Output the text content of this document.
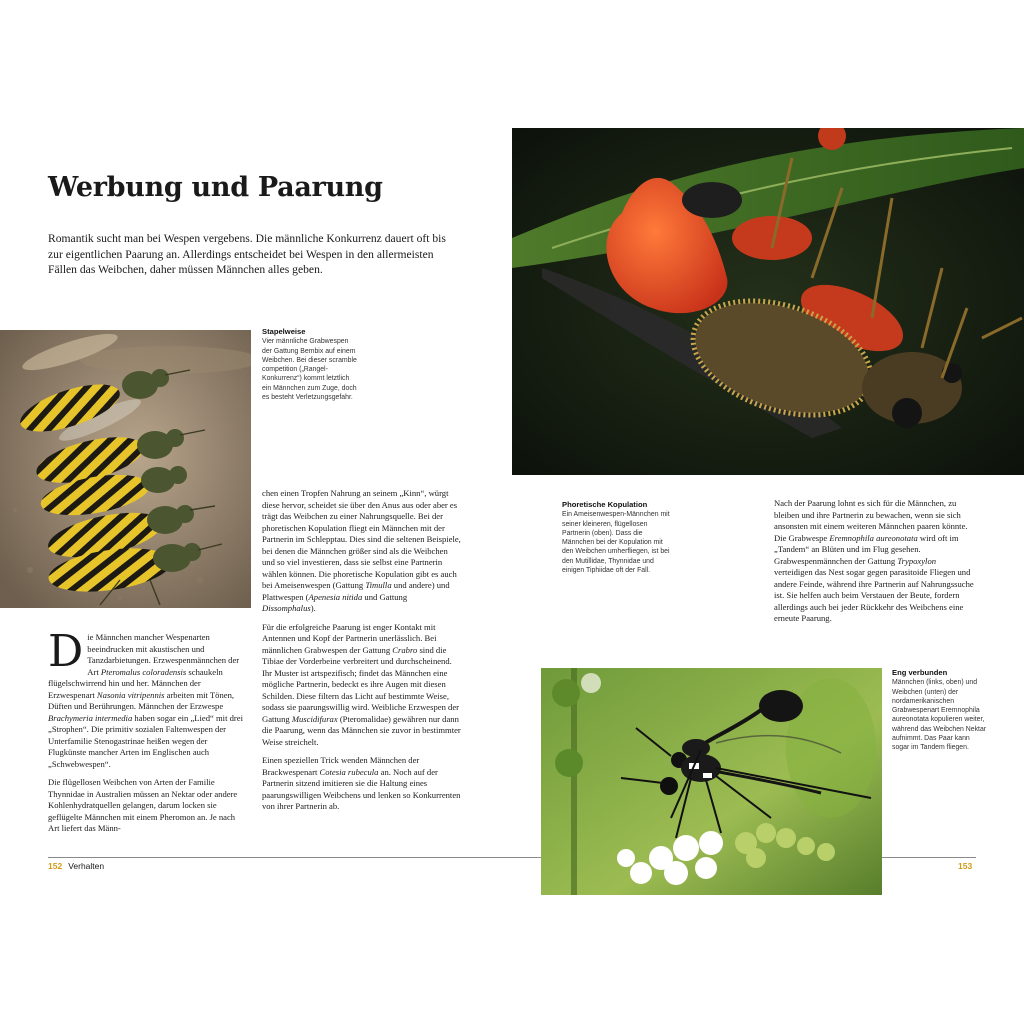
Werbung und Paarung
Romantik sucht man bei Wespen vergebens. Die männliche Konkurrenz dauert oft bis zur eigentlichen Paarung an. Allerdings entscheidet bei Wespen in den allermeisten Fällen das Weibchen, daher müssen Männchen alles geben.
Stapelweise
Vier männliche Grabwespen der Gattung Bembix auf einem Weibchen. Bei dieser scramble competition („Rangel-Konkurrenz“) kommt letztlich ein Männchen zum Zuge, doch es besteht Verletzungsgefahr.

Die Männchen mancher Wespenarten beeindrucken mit akustischen und Tanzdarbietungen. Erzwespenmännchen der Art Pteromalus coloradensis schaukeln flügelschwirrend hin und her. Männchen der Erzwespenart Nasonia vitripennis arbeiten mit Tönen, Düften und Berührungen. Männchen der Erzwespe Brachymeria intermedia haben sogar ein „Lied“ mit drei „Strophen“. Die primitiv sozialen Faltenwespen der Unterfamilie Stenogastrinae heißen wegen der Flugkünste mancher Arten im Englischen auch „Schwebwespen“.

Die flügellosen Weibchen von Arten der Familie Thynnidae in Australien müssen an Nektar oder andere Kohlenhydratquellen gelangen, darum locken sie geflügelte Männchen mit einem Pheromon an. Je nach Art liefert das Männ-

chen einen Tropfen Nahrung an seinem „Kinn“, würgt diese hervor, scheidet sie über den Anus aus oder aber es trägt das Weibchen zu einer Nahrungsquelle. Bei der phoretischen Kopulation fliegt ein Männchen mit der Partnerin im Schlepptau. Dies sind die seltenen Beispiele, bei denen die Männchen größer sind als die Weibchen und so viel investieren, dass sie selbst eine Partnerin wählen können. Die phoretische Kopulation gibt es auch bei Ameisenwespen (Gattung Timulla und andere) und Plattwespen (Apenesia nitida und Gattung Dissomphalus).

Für die erfolgreiche Paarung ist enger Kontakt mit Antennen und Kopf der Partnerin unerlässlich. Bei männlichen Grabwespen der Gattung Crabro sind die Tibiae der Vorderbeine verbreitert und durchscheinend. Ihr Muster ist artspezifisch; findet das Männchen eine mögliche Partnerin, bedeckt es ihre Augen mit diesen Schilden. Diese filtern das Licht auf bestimmte Weise, sodass sie paarungswillig wird. Weibliche Erzwespen der Gattung Muscidifurax (Pteromalidae) gewähren nur dann die Paarung, wenn das Männchen sie zuvor in bestimmter Weise streichelt.

Einen speziellen Trick wenden Männchen der Brackwespenart Cotesia rubecula an. Noch auf der Partnerin sitzend imitieren sie die Haltung eines paarungswilligen Weibchens und lenken so Konkurrenten von ihrer Partnerin ab.

152 Verhalten
Phoretische Kopulation
Ein Ameisenwespen-Männchen mit seiner kleineren, flügellosen Partnerin (oben). Dass die Männchen bei der Kopulation mit den Weibchen umherfliegen, ist bei den Mutillidae, Thynnidae und einigen Tiphiidae oft der Fall.

Nach der Paarung lohnt es sich für die Männchen, zu bleiben und ihre Partnerin zu bewachen, wenn sie sich ansonsten mit einem weiteren Männchen paaren könnte. Die Grabwespe Eremnophila aureonotata wird oft im „Tandem“ an Blüten und im Flug gesehen. Grabwespenmännchen der Gattung Trypoxylon verteidigen das Nest sogar gegen parasitoide Fliegen und andere Feinde, während ihre Partnerin auf Nahrungssuche ist. Sie helfen auch beim Verstauen der Beute, fordern allerdings auch bei jeder Rückkehr des Weibchens eine erneute Paarung.

Eng verbunden
Männchen (links, oben) und Weibchen (unten) der nordamerikanischen Grabwespenart Eremnophila aureonotata kopulieren weiter, während das Weibchen Nektar aufnimmt. Das Paar kann sogar im Tandem fliegen.
153
